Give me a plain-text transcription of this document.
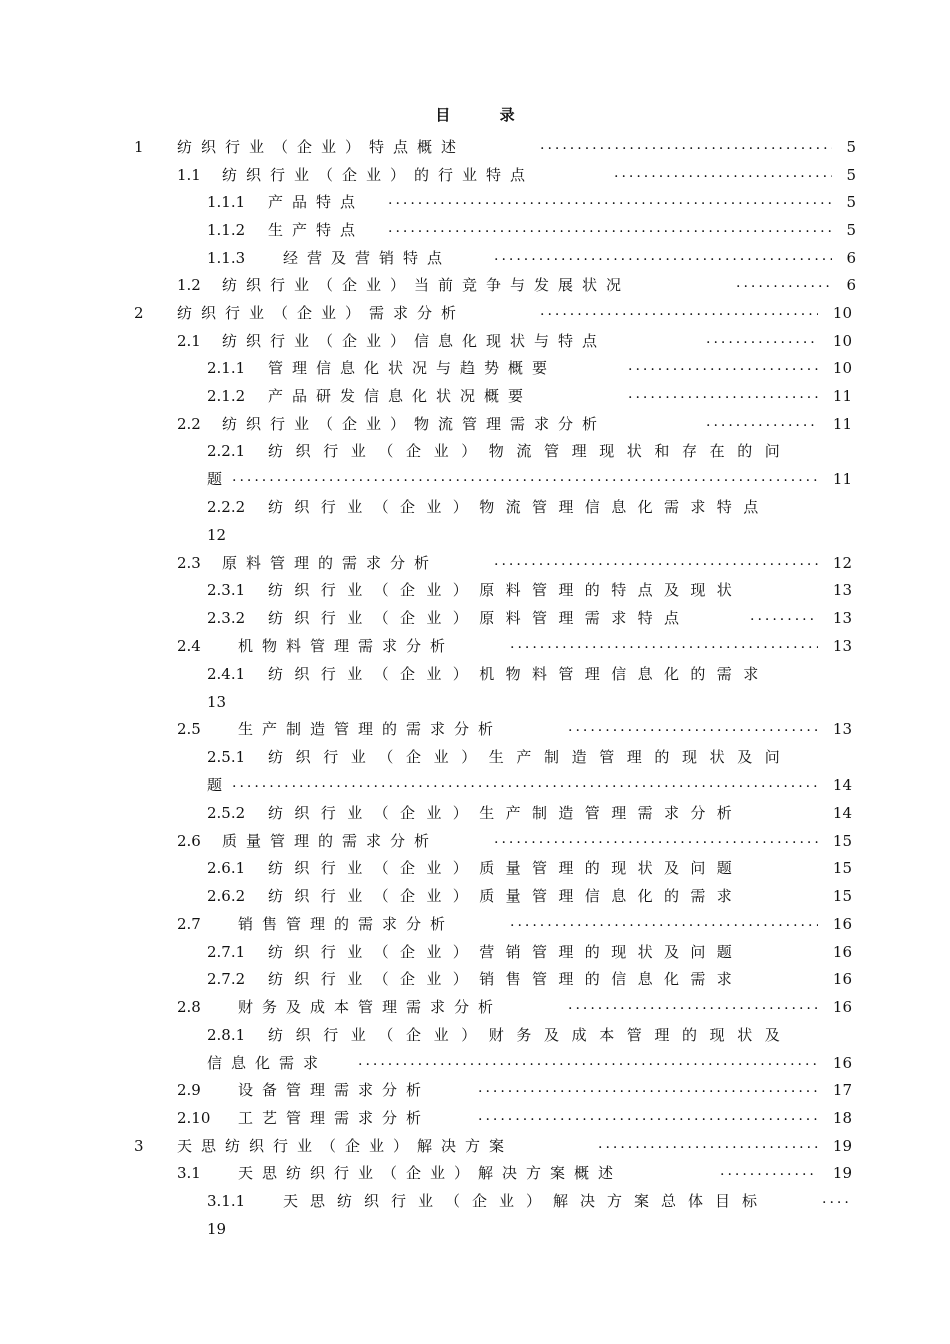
目 录
1 纺织行业（企业）特点概述 .....	5
1.1 纺织行业（企业）的行业特点 .....	5
1.1.1 产品特点 .....	5
1.1.2 生产特点 .....	5
1.1.3	经营及营销特点 .....	6
1.2 纺织行业（企业）当前竞争与发展状况 .....	6
2 纺织行业（企业）需求分析 .....	10
2.1 纺织行业（企业）信息化现状与特点 .....	10
2.1.1 管理信息化状况与趋势概要 .....	10
2.1.2 产品研发信息化状况概要 .....	11
2.2 纺织行业（企业）物流管理需求分析 .....	11
2.2.1 纺织行业（企业）物流管理现状和存在的问
题 .....	11
2.2.2 纺织行业（企业）物流管理信息化需求特点
12
2.3 原料管理的需求分析 .....	12
2.3.1 纺织行业（企业）原料管理的特点及现状	13
2.3.2 纺织行业（企业）原料管理需求特点 .....	13
2.4 机物料管理需求分析 .....	13
2.4.1 纺织行业（企业）机物料管理信息化的需求
13
2.5 生产制造管理的需求分析 .....	13
2.5.1 纺织行业（企业）生产制造管理的现状及问
题 .....	14
2.5.2 纺织行业（企业）生产制造管理需求分析	14
2.6 质量管理的需求分析 .....	15
2.6.1 纺织行业（企业）质量管理的现状及问题	15
2.6.2 纺织行业（企业）质量管理信息化的需求	15
2.7 销售管理的需求分析 .....	16
2.7.1 纺织行业（企业）营销管理的现状及问题	16
2.7.2 纺织行业（企业）销售管理的信息化需求	16
2.8 财务及成本管理需求分析 .....	16
2.8.1 纺织行业（企业）财务及成本管理的现状及
信息化需求 .....	16
2.9 设备管理需求分析 .....	17
2.10 工艺管理需求分析 .....	18
3 天思纺织行业（企业）解决方案 .....	19
3.1 天思纺织行业（企业）解决方案概述 .....	19
3.1.1	天思纺织行业（企业）解决方案总体目标
.....
19
